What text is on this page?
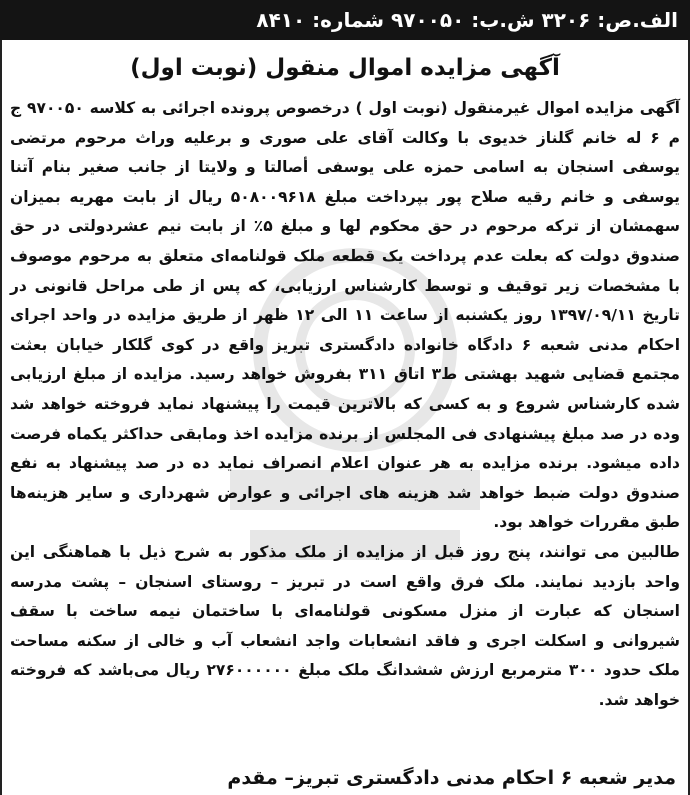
الف.ص: ۳۲۰۶ ش.ب: ۹۷۰۰۵۰ شماره: ۸۴۱۰
آگهی مزایده اموال منقول (نوبت اول)

آگهی مزایده اموال غیرمنقول (نوبت اول ) درخصوص پرونده اجرائی به کلاسه ۹۷۰۰۵۰ ج م ۶ له خانم گلناز خدیوی با وکالت آقای علی صوری و برعلیه وراث مرحوم مرتضی یوسفی اسنجان به اسامی حمزه علی یوسفی أصالتا و ولایتا از جانب صغیر بنام آتنا یوسفی و خانم رقیه صلاح پور بپرداخت مبلغ ۵۰۸۰۰۹۶۱۸ ریال از بابت مهریه بمیزان سهمشان از ترکه مرحوم در حق محکوم لها و مبلغ ۵٪ از بابت نیم عشردولتی در حق صندوق دولت که بعلت عدم پرداخت یک قطعه ملک قولنامه‌ای متعلق به مرحوم موصوف با مشخصات زیر توقیف و توسط کارشناس ارزیابی، که پس از طی مراحل قانونی در تاریخ ۱۳۹۷/۰۹/۱۱ روز یکشنبه از ساعت ۱۱ الی ۱۲ ظهر از طریق مزایده در واحد اجرای احکام مدنی شعبه ۶ دادگاه خانواده دادگستری تبریز واقع در کوی گلکار خیابان بعثت مجتمع قضایی شهید بهشتی ط۳ اتاق ۳۱۱ بفروش خواهد رسید. مزایده از مبلغ ارزیابی شده کارشناس شروع و به کسی که بالاترین قیمت را پیشنهاد نماید فروخته خواهد شد وده در صد مبلغ پیشنهادی فی المجلس از برنده مزایده اخذ ومابقی حداکثر یکماه فرصت داده میشود. برنده مزایده به هر عنوان اعلام انصراف نماید ده در صد پیشنهاد به نفع صندوق دولت ضبط خواهد شد هزینه های اجرائی و عوارض شهرداری و سایر هزینه‌ها طبق مقررات خواهد بود.

طالبین می توانند، پنج روز قبل از مزایده از ملک مذکور به شرح ذیل با هماهنگی این واحد بازدید نمایند. ملک فرق واقع است در تبریز – روستای اسنجان – پشت مدرسه اسنجان که عبارت از منزل مسکونی قولنامه‌ای با ساختمان نیمه ساخت با سقف شیروانی و اسکلت اجری و فاقد انشعابات واجد انشعاب آب و خالی از سکنه مساحت ملک حدود ۳۰۰ مترمربع ارزش ششدانگ ملک مبلغ ۲۷۶۰۰۰۰۰۰ ریال می‌باشد که فروخته خواهد شد.

مدیر شعبه ۶ احکام مدنی دادگستری تبریز– مقدم
